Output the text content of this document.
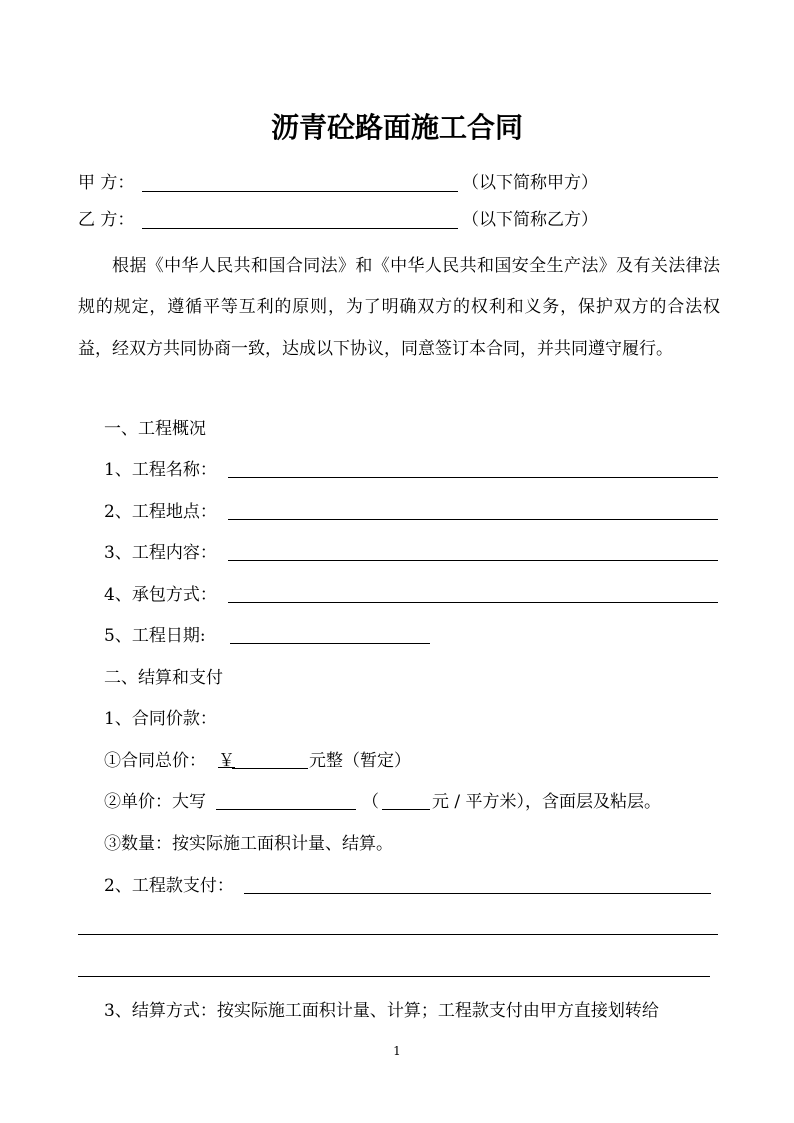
沥青砼路面施工合同
甲 方：	（以下简称甲方）
乙 方：	（以下简称乙方）
根据《中华人民共和国合同法》和《中华人民共和国安全生产法》及有关法律法规的规定，遵循平等互利的原则，为了明确双方的权利和义务，保护双方的合法权益，经双方共同协商一致，达成以下协议，同意签订本合同，并共同遵守履行。
一、工程概况
1、工程名称：
2、工程地点：
3、工程内容：
4、承包方式：
5、工程日期:
二、结算和支付
1、合同价款：
①合同总价： ￥	元整（暂定）
②单价：大写	（	元 / 平方米），含面层及粘层。
③数量：按实际施工面积计量、结算。
2、工程款支付：
3、结算方式：按实际施工面积计量、计算；工程款支付由甲方直接划转给
1
